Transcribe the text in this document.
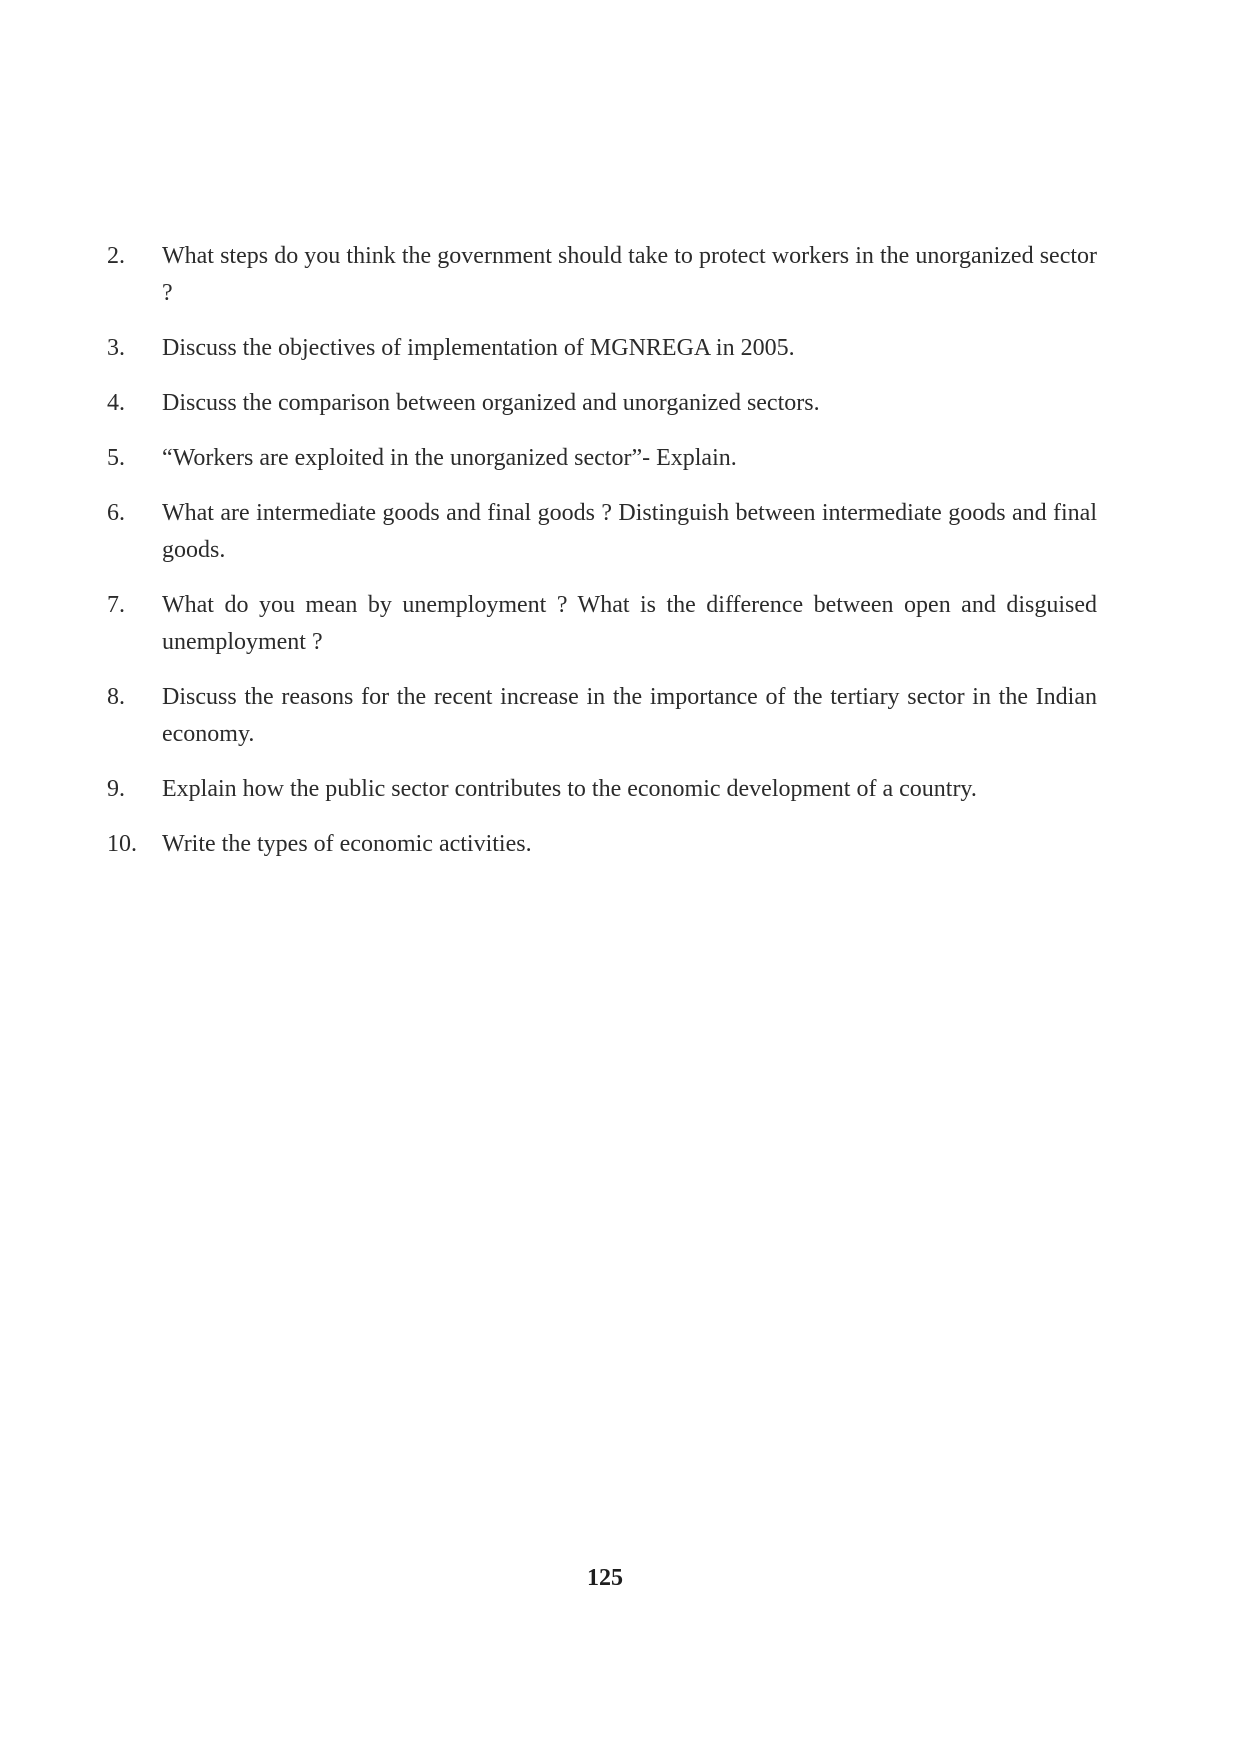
2.	What steps do you think the government should take to protect workers in the unorganized sector ?
3.	Discuss the objectives of implementation of MGNREGA in 2005.
4.	Discuss the comparison between organized and unorganized sectors.
5.	“Workers are exploited in the unorganized sector”- Explain.
6.	What are intermediate goods and final goods ? Distinguish between intermediate goods and final goods.
7.	What do you mean by unemployment ? What is the difference between open and disguised unemployment ?
8.	Discuss the reasons for the recent increase in the importance of the tertiary sector in the Indian economy.
9.	Explain how the public sector contributes to the economic development of a country.
10.	Write the types of economic activities.
125
